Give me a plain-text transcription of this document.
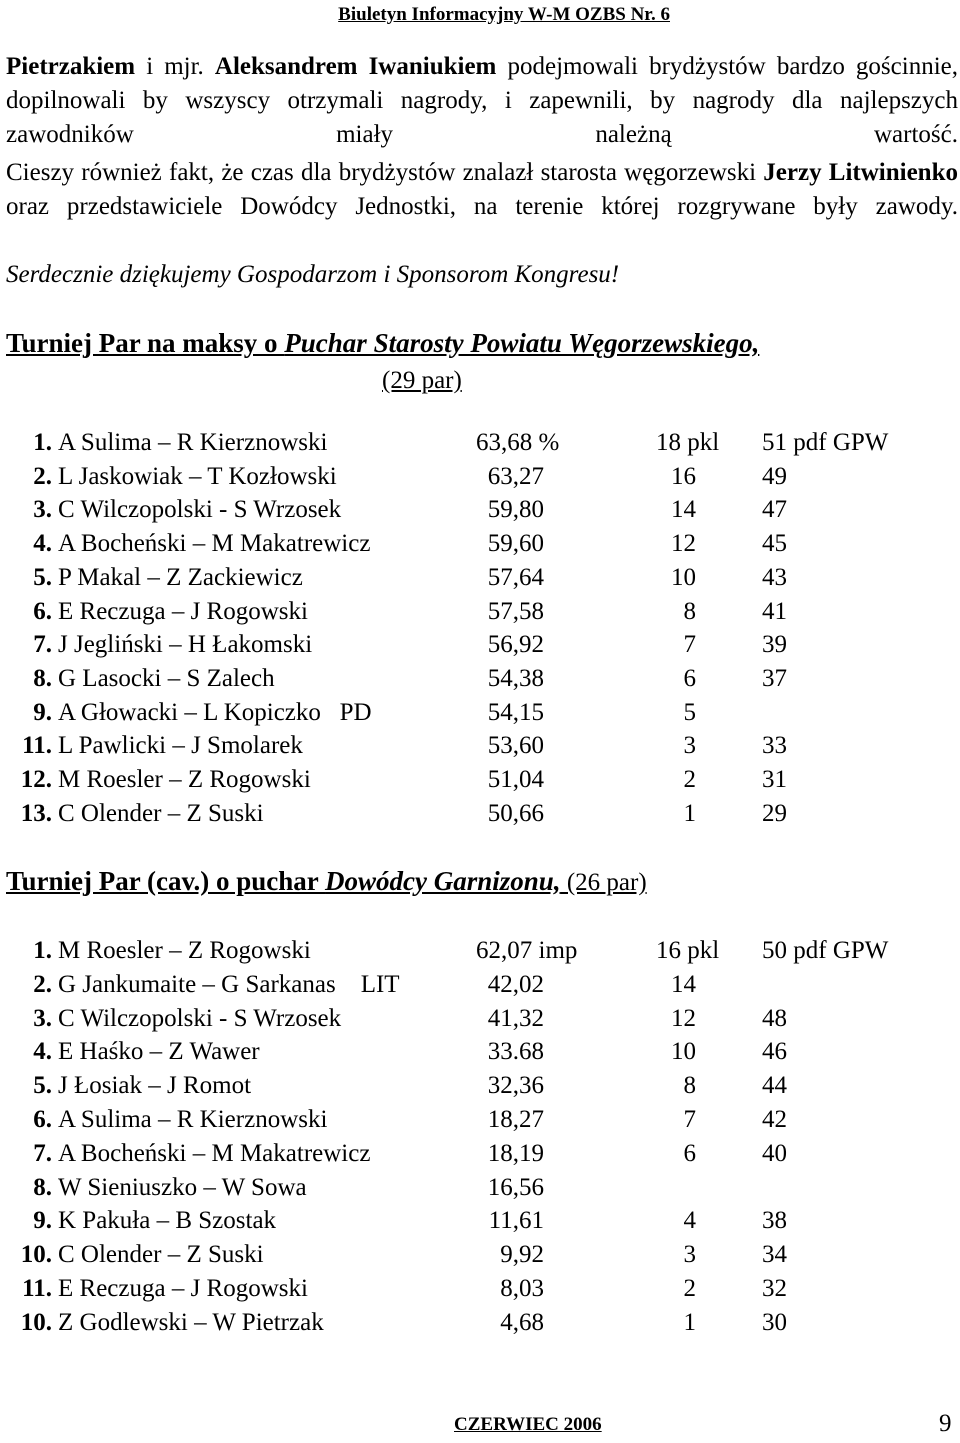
Biuletyn Informacyjny W-M OZBS Nr. 6

Pietrzakiem i mjr. Aleksandrem Iwaniukiem podejmowali brydżystów bardzo gościnnie, dopilnowali by wszyscy otrzymali nagrody, i zapewnili, by nagrody dla najlepszych zawodników miały należną wartość.

Cieszy również fakt, że czas dla brydżystów znalazł starosta węgorzewski Jerzy Litwinienko oraz przedstawiciele Dowódcy Jednostki, na terenie której rozgrywane były zawody.

Serdecznie dziękujemy Gospodarzom i Sponsorom Kongresu!

Turniej Par na maksy o Puchar Starosty Powiatu Węgorzewskiego,
(29 par)
1. A Sulima – R Kierznowski	63,68 %	18 pkl 51 pdf GPW
2. L Jaskowiak – T Kozłowski	63,27	16	49
3. C Wilczopolski - S Wrzosek	59,80	14	47
4. A Bocheński – M Makatrewicz	59,60	12	45
5. P Makal – Z Zackiewicz	57,64	10	43
6. E Reczuga – J Rogowski	57,58	8	41
7. J Jegliński – H Łakomski	56,92	7	39
8. G Lasocki – S Zalech	54,38	6	37
9. A Głowacki – L Kopiczko   PD	54,15	5
11. L Pawlicki – J Smolarek	53,60	3	33
12. M Roesler – Z Rogowski	51,04	2	31
13. C Olender – Z Suski	50,66	1	29
Turniej Par (cav.) o puchar Dowódcy Garnizonu, (26 par)
1. M Roesler – Z Rogowski	62,07 imp	16 pkl 50 pdf GPW
2. G Jankumaite – G Sarkanas    LIT	42,02	14
3. C Wilczopolski - S Wrzosek	41,32	12	48
4. E Haśko – Z Wawer	33.68	10	46
5. J Łosiak – J Romot	32,36	8	44
6. A Sulima – R Kierznowski	18,27	7	42
7. A Bocheński – M Makatrewicz	18,19	6	40
8. W Sieniuszko – W Sowa	16,56
9. K Pakuła – B Szostak	11,61	4	38
10. C Olender – Z Suski	9,92	3	34
11. E Reczuga – J Rogowski	8,03	2	32
10. Z Godlewski – W Pietrzak	4,68	1	30
CZERWIEC 2006	9
